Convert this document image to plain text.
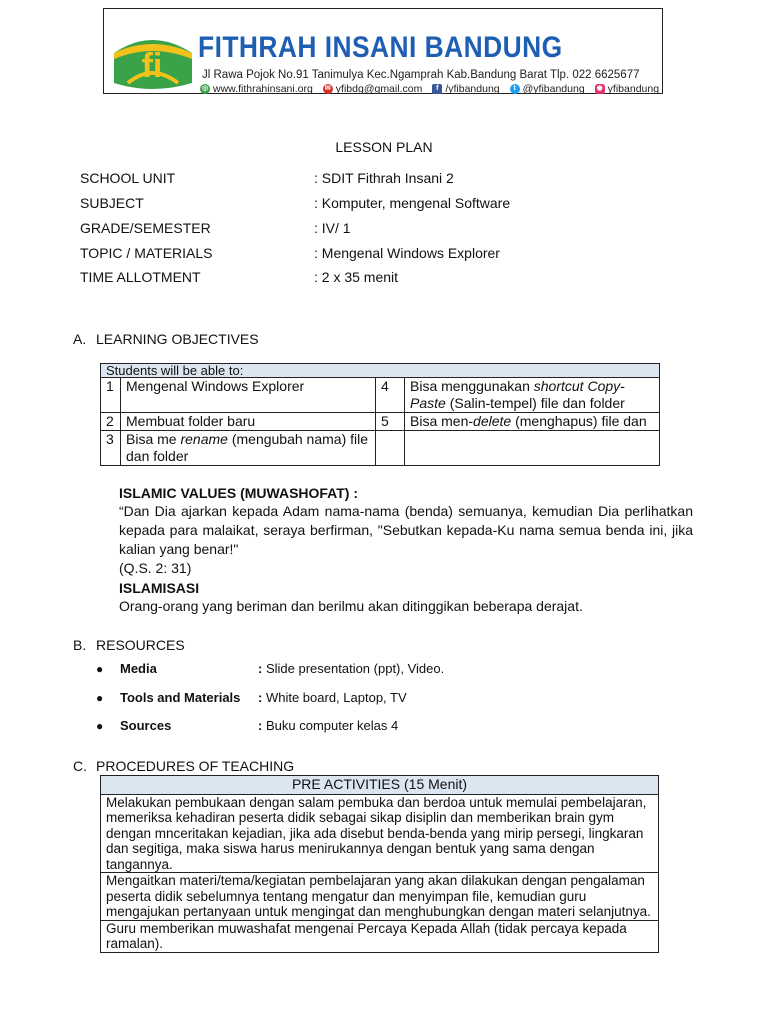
fi FITHRAH INSANI BANDUNG
Jl Rawa Pojok No.91 Tanimulya Kec.Ngamprah Kab.Bandung Barat Tlp. 022 6625677
◎ www.fithrahinsani.org ✉ yfibdg@gmail.com	f /yfibandung	t @yfibandung ◉ yfibandung
LESSON PLAN
SCHOOL UNIT	: SDIT Fithrah Insani 2
SUBJECT	: Komputer, mengenal Software
GRADE/SEMESTER	: IV/ 1
TOPIC / MATERIALS	: Mengenal Windows Explorer
TIME ALLOTMENT	: 2 x 35 menit
A. LEARNING OBJECTIVES
Students will be able to:			
1	Mengenal Windows Explorer	4	Bisa menggunakan shortcut Copy-Paste (Salin-tempel) file dan folder
2	Membuat folder baru	5	Bisa men-delete (menghapus) file dan
3	Bisa me rename (mengubah nama) file dan folder		
ISLAMIC VALUES (MUWASHOFAT) :
“Dan Dia ajarkan kepada Adam nama-nama (benda) semuanya, kemudian Dia perlihatkan kepada para malaikat, seraya berfirman, "Sebutkan kepada-Ku nama semua benda ini, jika kalian yang benar!"
(Q.S. 2: 31)
ISLAMISASI
Orang-orang yang beriman dan berilmu akan ditinggikan beberapa derajat.
B. RESOURCES
● Media	: Slide presentation (ppt), Video.
● Tools and Materials : White board, Laptop, TV
● Sources	: Buku computer kelas 4
C. PROCEDURES OF TEACHING
PRE ACTIVITIES (15 Menit)
Melakukan pembukaan dengan salam pembuka dan berdoa untuk memulai pembelajaran, memeriksa kehadiran peserta didik sebagai sikap disiplin dan memberikan brain gym dengan mnceritakan kejadian, jika ada disebut benda-benda yang mirip persegi, lingkaran dan segitiga, maka siswa harus menirukannya dengan bentuk yang sama dengan tangannya.
Mengaitkan materi/tema/kegiatan pembelajaran yang akan dilakukan dengan pengalaman peserta didik sebelumnya tentang mengatur dan menyimpan file, kemudian guru mengajukan pertanyaan untuk mengingat dan menghubungkan dengan materi selanjutnya.
Guru memberikan muwashafat mengenai Percaya Kepada Allah (tidak percaya kepada ramalan).
